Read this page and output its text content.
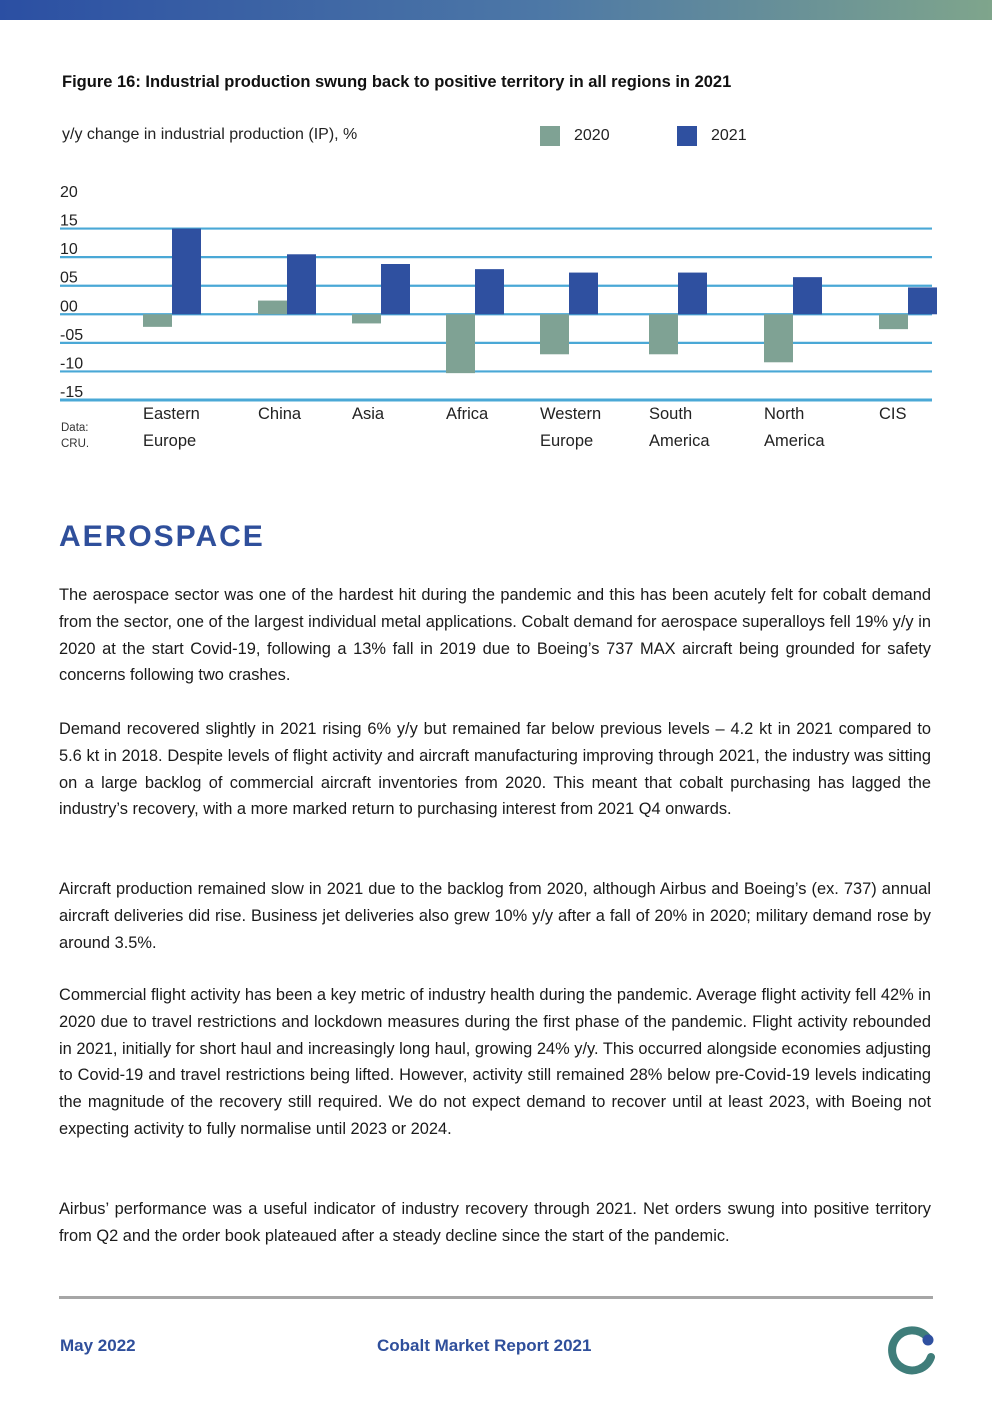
Figure 16: Industrial production swung back to positive territory in all regions in 2021
y/y change in industrial production (IP), %	2020	2021
20
15
10
05
00
-05
-10
-15
Eastern
Europe
China	Asia	Africa	Western
Europe
South
America
North
America
CIS
Data:
CRU.
AEROSPACE
The aerospace sector was one of the hardest hit during the pandemic and this has been acutely felt for cobalt demand from the sector, one of the largest individual metal applications. Cobalt demand for aerospace superalloys fell 19% y/y in 2020 at the start Covid-19, following a 13% fall in 2019 due to Boeing’s 737 MAX aircraft being grounded for safety concerns following two crashes.
Demand recovered slightly in 2021 rising 6% y/y but remained far below previous levels – 4.2 kt in 2021 compared to 5.6 kt in 2018. Despite levels of flight activity and aircraft manufacturing improving through 2021, the industry was sitting on a large backlog of commercial aircraft inventories from 2020. This meant that cobalt purchasing has lagged the industry’s recovery, with a more marked return to purchasing interest from 2021 Q4 onwards.
Aircraft production remained slow in 2021 due to the backlog from 2020, although Airbus and Boeing’s (ex. 737) annual aircraft deliveries did rise. Business jet deliveries also grew 10% y/y after a fall of 20% in 2020; military demand rose by around 3.5%.
Commercial flight activity has been a key metric of industry health during the pandemic. Average flight activity fell 42% in 2020 due to travel restrictions and lockdown measures during the first phase of the pandemic. Flight activity rebounded in 2021, initially for short haul and increasingly long haul, growing 24% y/y. This occurred alongside economies adjusting to Covid-19 and travel restrictions being lifted. However, activity still remained 28% below pre-Covid-19 levels indicating the magnitude of the recovery still required. We do not expect demand to recover until at least 2023, with Boeing not expecting activity to fully normalise until 2023 or 2024.
Airbus’ performance was a useful indicator of industry recovery through 2021. Net orders swung into positive territory from Q2 and the order book plateaued after a steady decline since the start of the pandemic.
May 2022	Cobalt Market Report 2021
